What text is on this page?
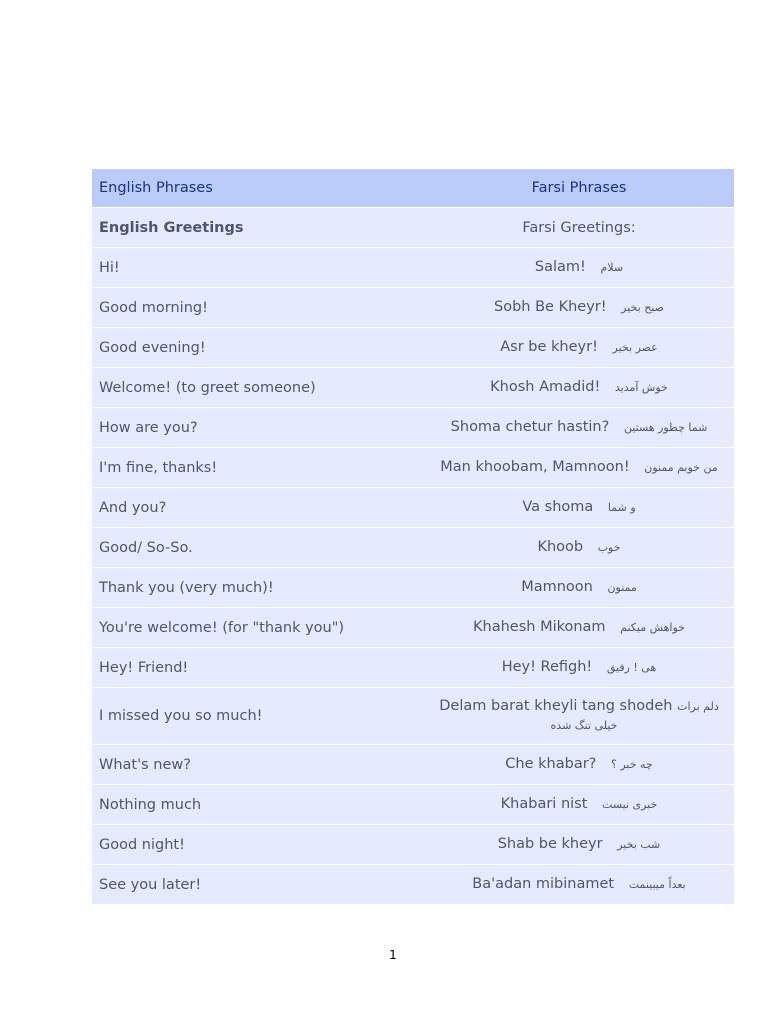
English Phrases	Farsi Phrases
English Greetings	Farsi Greetings:
Hi!	Salam! سلام
Good morning!	Sobh Be Kheyr! صبح بخیر
Good evening!	Asr be kheyr! عصر بخیر
Welcome! (to greet someone)	Khosh Amadid! خوش آمدید
How are you?	Shoma chetur hastin? شما چطور هستین
I'm fine, thanks!	Man khoobam, Mamnoon! من خوبم ممنون
And you?	Va shoma و شما
Good/ So-So.	Khoob خوب
Thank you (very much)!	Mamnoon ممنون
You're welcome! (for "thank you")	Khahesh Mikonam خواهش میکنم
Hey! Friend!	Hey! Refigh! هی ! رفیق
I missed you so much!	Delam barat kheyli tang shodeh دلم برات خیلی تنگ شده
What's new?	Che khabar? چه خبر ؟
Nothing much	Khabari nist خبری نیست
Good night!	Shab be kheyr شب بخیر
See you later!	Ba'adan mibinamet بعداً میبینمت
1
